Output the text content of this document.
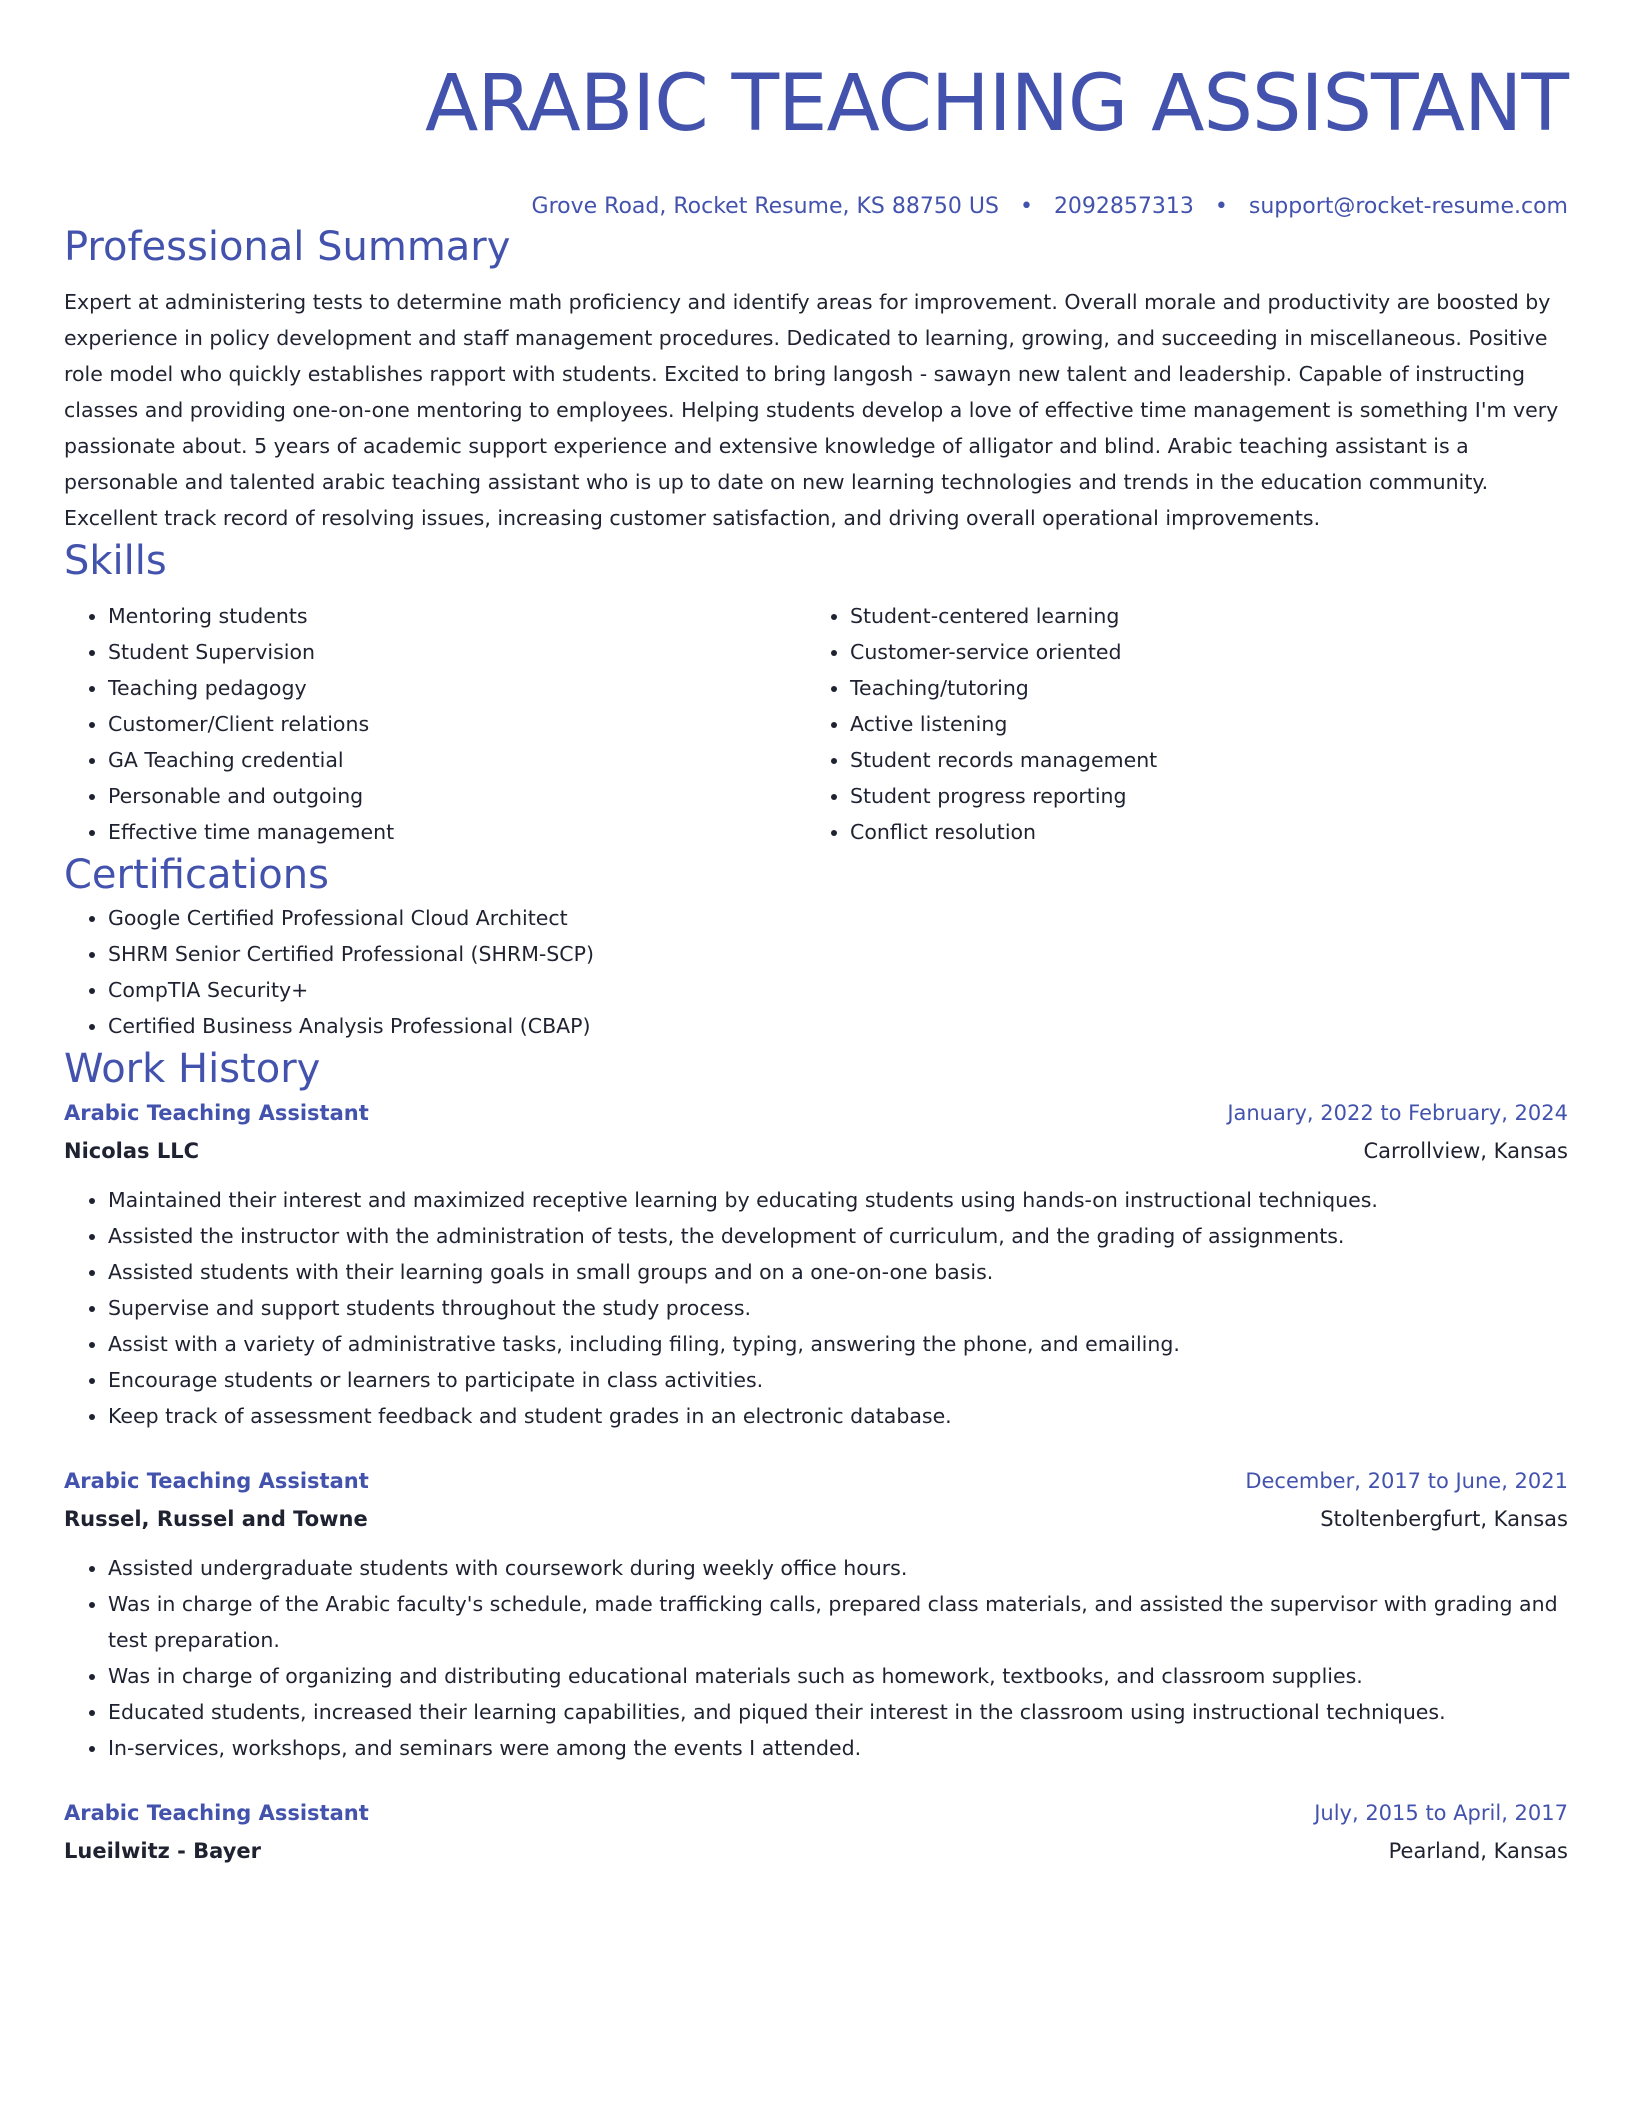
ARABIC TEACHING ASSISTANT
Grove Road, Rocket Resume, KS 88750 US • 2092857313 • support@rocket-resume.com
Professional Summary
Expert at administering tests to determine math proficiency and identify areas for improvement. Overall morale and productivity are boosted by experience in policy development and staff management procedures. Dedicated to learning, growing, and succeeding in miscellaneous. Positive role model who quickly establishes rapport with students. Excited to bring langosh - sawayn new talent and leadership. Capable of instructing classes and providing one-on-one mentoring to employees. Helping students develop a love of effective time management is something I'm very passionate about. 5 years of academic support experience and extensive knowledge of alligator and blind. Arabic teaching assistant is a personable and talented arabic teaching assistant who is up to date on new learning technologies and trends in the education community. Excellent track record of resolving issues, increasing customer satisfaction, and driving overall operational improvements.
Skills
• Mentoring students
• Student Supervision
• Teaching pedagogy
• Customer/Client relations
• GA Teaching credential
• Personable and outgoing
• Effective time management
• Student-centered learning
• Customer-service oriented
• Teaching/tutoring
• Active listening
• Student records management
• Student progress reporting
• Conflict resolution
Certifications
• Google Certified Professional Cloud Architect
• SHRM Senior Certified Professional (SHRM-SCP)
• CompTIA Security+
• Certified Business Analysis Professional (CBAP)
Work History
Arabic Teaching Assistant	January, 2022 to February, 2024
Nicolas LLC	Carrollview, Kansas
• Maintained their interest and maximized receptive learning by educating students using hands-on instructional techniques.
• Assisted the instructor with the administration of tests, the development of curriculum, and the grading of assignments.
• Assisted students with their learning goals in small groups and on a one-on-one basis.
• Supervise and support students throughout the study process.
• Assist with a variety of administrative tasks, including filing, typing, answering the phone, and emailing.
• Encourage students or learners to participate in class activities.
• Keep track of assessment feedback and student grades in an electronic database.
Arabic Teaching Assistant	December, 2017 to June, 2021
Russel, Russel and Towne	Stoltenbergfurt, Kansas
• Assisted undergraduate students with coursework during weekly office hours.
• Was in charge of the Arabic faculty's schedule, made trafficking calls, prepared class materials, and assisted the supervisor with grading and test preparation.
• Was in charge of organizing and distributing educational materials such as homework, textbooks, and classroom supplies.
• Educated students, increased their learning capabilities, and piqued their interest in the classroom using instructional techniques.
• In-services, workshops, and seminars were among the events I attended.
Arabic Teaching Assistant	July, 2015 to April, 2017
Lueilwitz - Bayer	Pearland, Kansas
